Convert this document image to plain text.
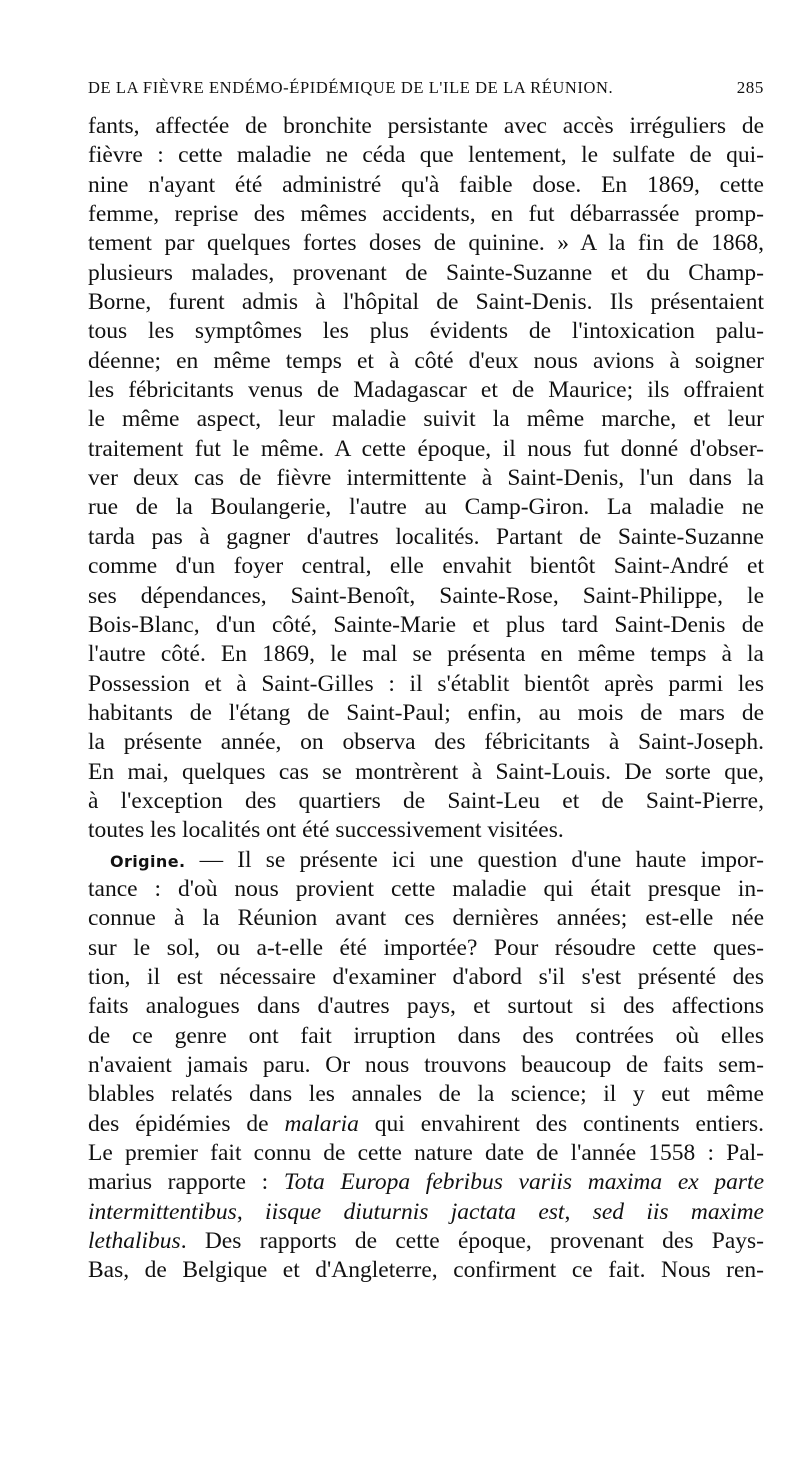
DE LA FIÈVRE ENDÉMO-ÉPIDÉMIQUE DE L'ILE DE LA RÉUNION.	285
fants, affectée de bronchite persistante avec accès irréguliers de
fièvre : cette maladie ne céda que lentement, le sulfate de qui-
nine n'ayant été administré qu'à faible dose. En 1869, cette
femme, reprise des mêmes accidents, en fut débarrassée promp-
tement par quelques fortes doses de quinine. » A la fin de 1868,
plusieurs malades, provenant de Sainte-Suzanne et du Champ-
Borne, furent admis à l'hôpital de Saint-Denis. Ils présentaient
tous les symptômes les plus évidents de l'intoxication palu-
déenne; en même temps et à côté d'eux nous avions à soigner
les fébricitants venus de Madagascar et de Maurice; ils offraient
le même aspect, leur maladie suivit la même marche, et leur
traitement fut le même. A cette époque, il nous fut donné d'obser-
ver deux cas de fièvre intermittente à Saint-Denis, l'un dans la
rue de la Boulangerie, l'autre au Camp-Giron. La maladie ne
tarda pas à gagner d'autres localités. Partant de Sainte-Suzanne
comme d'un foyer central, elle envahit bientôt Saint-André et
ses dépendances, Saint-Benoît, Sainte-Rose, Saint-Philippe, le
Bois-Blanc, d'un côté, Sainte-Marie et plus tard Saint-Denis de
l'autre côté. En 1869, le mal se présenta en même temps à la
Possession et à Saint-Gilles : il s'établit bientôt après parmi les
habitants de l'étang de Saint-Paul; enfin, au mois de mars de
la présente année, on observa des fébricitants à Saint-Joseph.
En mai, quelques cas se montrèrent à Saint-Louis. De sorte que,
à l'exception des quartiers de Saint-Leu et de Saint-Pierre,
toutes les localités ont été successivement visitées.
Origine. — Il se présente ici une question d'une haute impor-
tance : d'où nous provient cette maladie qui était presque in-
connue à la Réunion avant ces dernières années; est-elle née
sur le sol, ou a-t-elle été importée? Pour résoudre cette ques-
tion, il est nécessaire d'examiner d'abord s'il s'est présenté des
faits analogues dans d'autres pays, et surtout si des affections
de ce genre ont fait irruption dans des contrées où elles
n'avaient jamais paru. Or nous trouvons beaucoup de faits sem-
blables relatés dans les annales de la science; il y eut même
des épidémies de malaria qui envahirent des continents entiers.
Le premier fait connu de cette nature date de l'année 1558 : Pal-
marius rapporte : Tota Europa febribus variis maxima ex parte
intermittentibus, iisque diuturnis jactata est, sed iis maxime
lethalibus. Des rapports de cette époque, provenant des Pays-
Bas, de Belgique et d'Angleterre, confirment ce fait. Nous ren-
